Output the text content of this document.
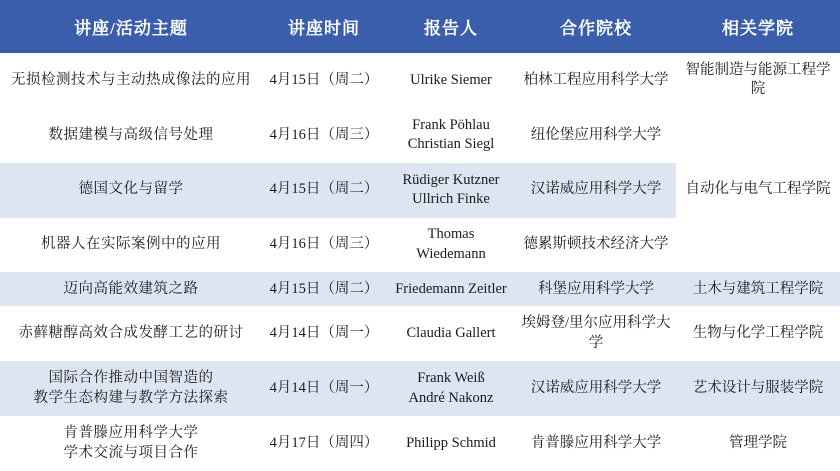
讲座/活动主题	讲座时间	报告人	合作院校	相关学院

无损检测技术与主动热成像法的应用	4月15日（周二）	Ulrike Siemer	柏林工程应用科学大学	智能制造与能源工程学院

数据建模与高级信号处理	4月16日（周三）	Frank Pöhlau
Christian Siegl	纽伦堡应用科学大学	自动化与电气工程学院

德国文化与留学	4月15日（周二）	Rüdiger Kutzner
Ullrich Finke	汉诺威应用科学大学	

机器人在实际案例中的应用	4月16日（周三）	Thomas
Wiedemann	德累斯顿技术经济大学	

迈向高能效建筑之路	4月15日（周二）	Friedemann Zeitler	科堡应用科学大学	土木与建筑工程学院

赤藓糖醇高效合成发酵工艺的研讨	4月14日（周一）	Claudia Gallert	埃姆登/里尔应用科学大
学	生物与化学工程学院

国际合作推动中国智造的
教学生态构建与教学方法探索	4月14日（周一）	Frank Weiß
André Nakonz	汉诺威应用科学大学	艺术设计与服装学院

肯普滕应用科学大学
学术交流与项目合作	4月17日（周四）	Philipp Schmid	肯普滕应用科学大学	管理学院
